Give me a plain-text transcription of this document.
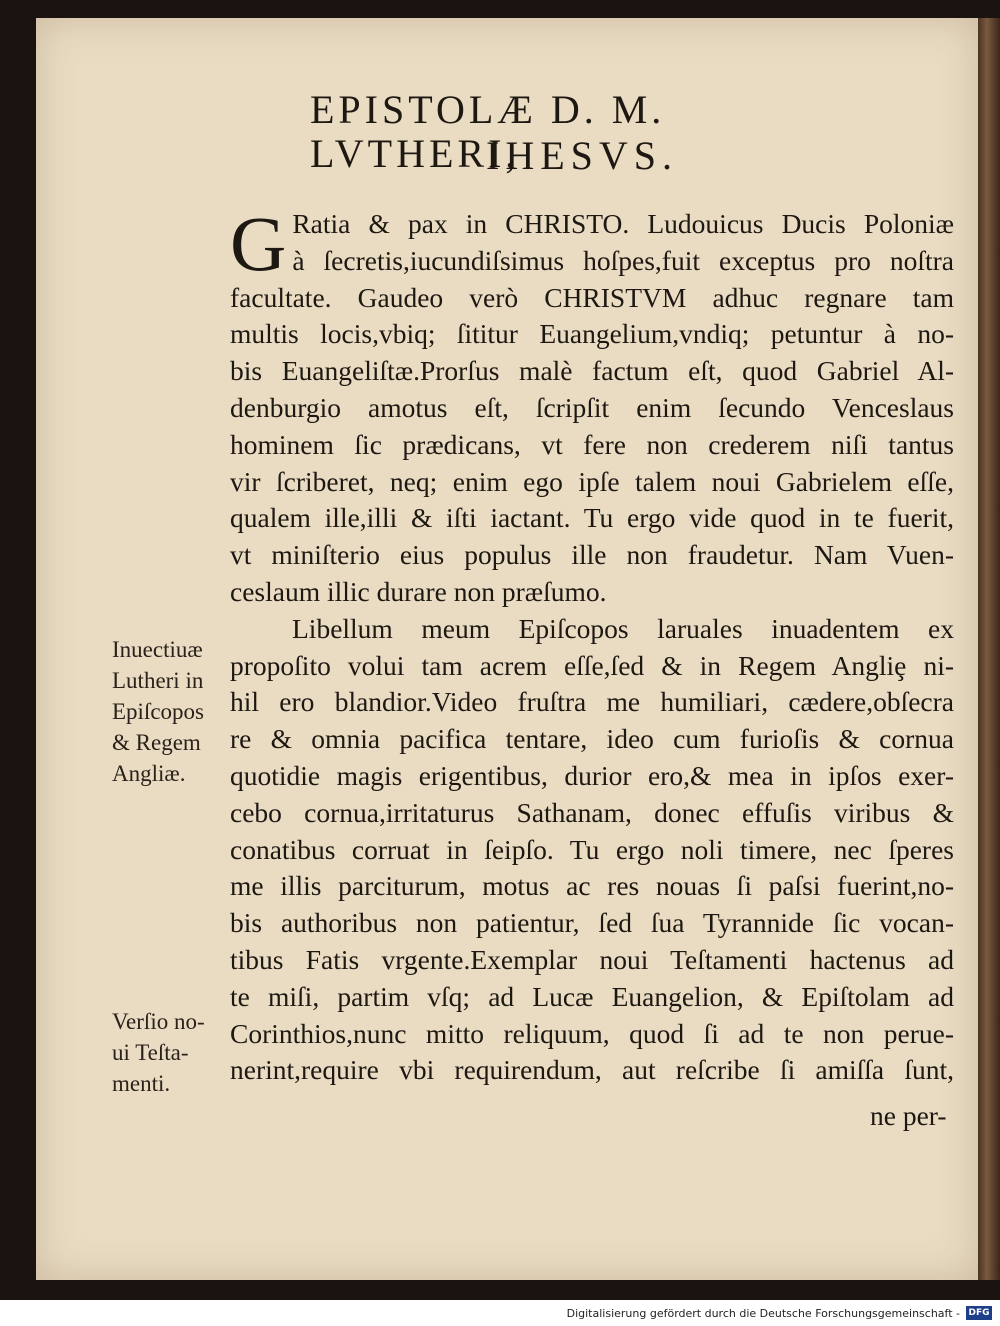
EPISTOLÆ D. M. LVTHERI,
IHESVS.
G Ratia & pax in CHRISTO. Ludouicus Ducis Poloniæ
à ſecretis,iucundiſsimus hoſpes,fuit exceptus pro noſtra
facultate. Gaudeo verò CHRISTVM adhuc regnare tam
multis locis,vbiq; ſititur Euangelium,vndiq; petuntur à no-
bis Euangeliſtæ.Prorſus malè factum eſt, quod Gabriel Al-
denburgio amotus eſt, ſcripſit enim ſecundo Venceslaus
hominem ſic prædicans, vt fere non crederem niſi tantus
vir ſcriberet, neq; enim ego ipſe talem noui Gabrielem eſſe,
qualem ille,illi & iſti iactant. Tu ergo vide quod in te fuerit,
vt miniſterio eius populus ille non fraudetur. Nam Vuen-
ceslaum illic durare non præſumo.
Libellum meum Epiſcopos laruales inuadentem ex
propoſito volui tam acrem eſſe,ſed & in Regem Angliȩ ni-
hil ero blandior.Video fruſtra me humiliari, cædere,obſecra
re & omnia pacifica tentare, ideo cum furioſis & cornua
quotidie magis erigentibus, durior ero,& mea in ipſos exer-
cebo cornua,irritaturus Sathanam, donec effuſis viribus &
conatibus corruat in ſeipſo. Tu ergo noli timere, nec ſperes
me illis parciturum, motus ac res nouas ſi paſsi fuerint,no-
bis authoribus non patientur, ſed ſua Tyrannide ſic vocan-
tibus Fatis vrgente.Exemplar noui Teſtamenti hactenus ad
te miſi, partim vſq; ad Lucæ Euangelion, & Epiſtolam ad
Corinthios,nunc mitto reliquum, quod ſi ad te non perue-
nerint,require vbi requirendum, aut reſcribe ſi amiſſa ſunt,
ne per-
Inuectiuæ
Lutheri in
Epiſcopos
& Regem
Angliæ.
Verſio no-
ui Teſta-
menti.
Digitalisierung gefördert durch die Deutsche Forschungsgemeinschaft - DFG
